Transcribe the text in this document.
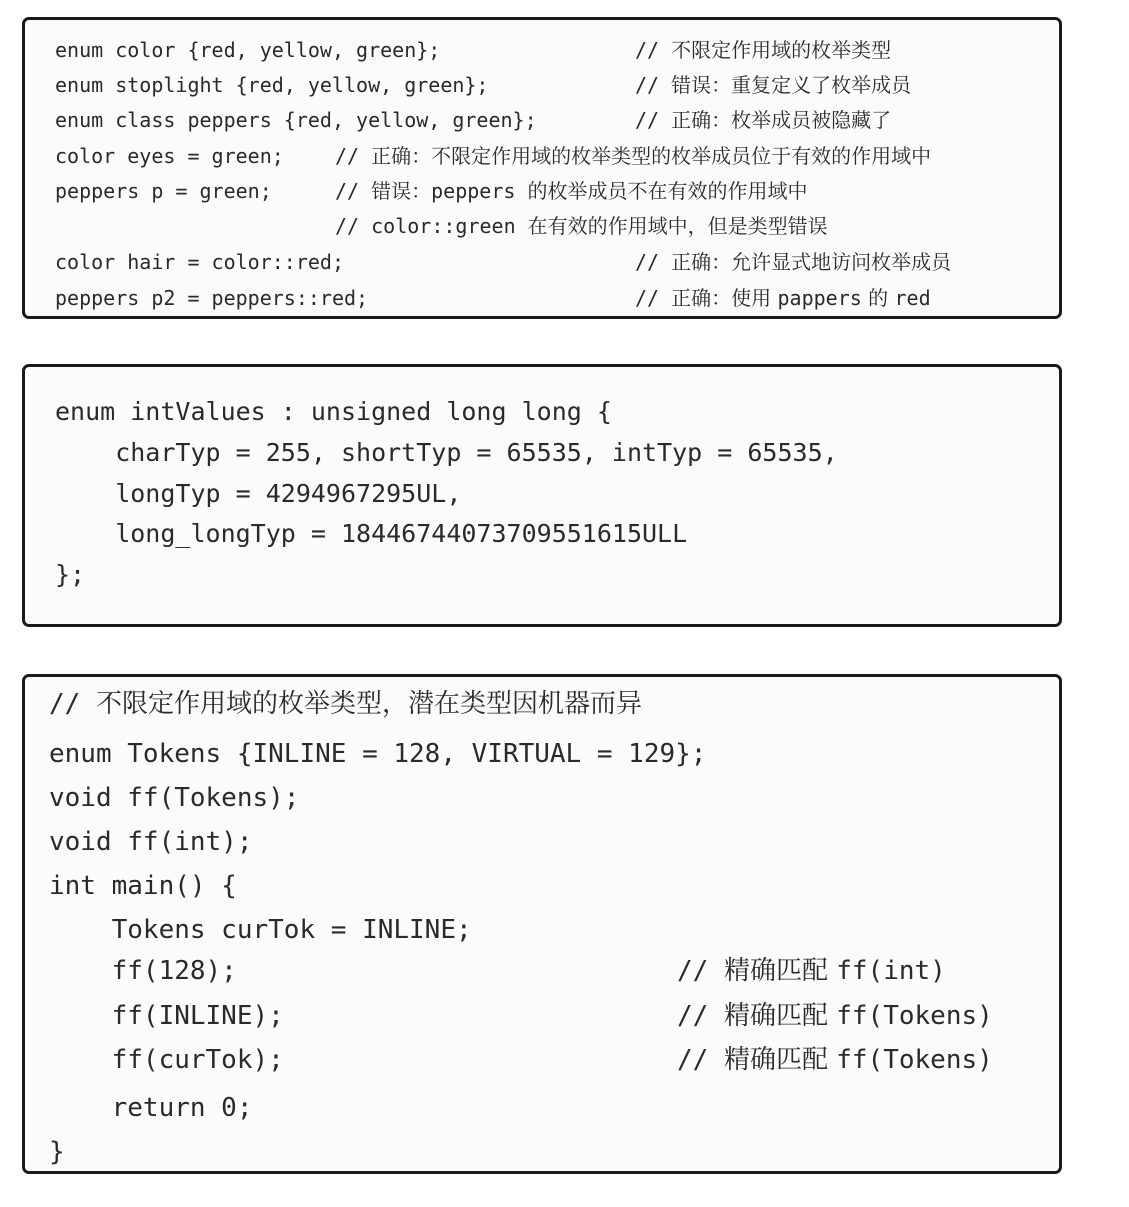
enum color {red, yellow, green};	// 不限定作用域的枚举类型
enum stoplight {red, yellow, green};	// 错误：重复定义了枚举成员
enum class peppers {red, yellow, green};	// 正确：枚举成员被隐藏了
color eyes = green;	// 正确：不限定作用域的枚举类型的枚举成员位于有效的作用域中
peppers p = green;	// 错误：peppers 的枚举成员不在有效的作用域中
// color::green 在有效的作用域中，但是类型错误
color hair = color::red;	// 正确：允许显式地访问枚举成员
peppers p2 = peppers::red;	// 正确：使用 pappers 的 red
enum intValues : unsigned long long {
charTyp = 255, shortTyp = 65535, intTyp = 65535,
longTyp = 4294967295UL,
long_longTyp = 18446744073709551615ULL
};
// 不限定作用域的枚举类型，潜在类型因机器而异
enum Tokens {INLINE = 128, VIRTUAL = 129};
void ff(Tokens);
void ff(int);
int main() {
Tokens curTok = INLINE;
ff(128);	// 精确匹配 ff(int)
ff(INLINE);	// 精确匹配 ff(Tokens)
ff(curTok);	// 精确匹配 ff(Tokens)
return 0;
}
